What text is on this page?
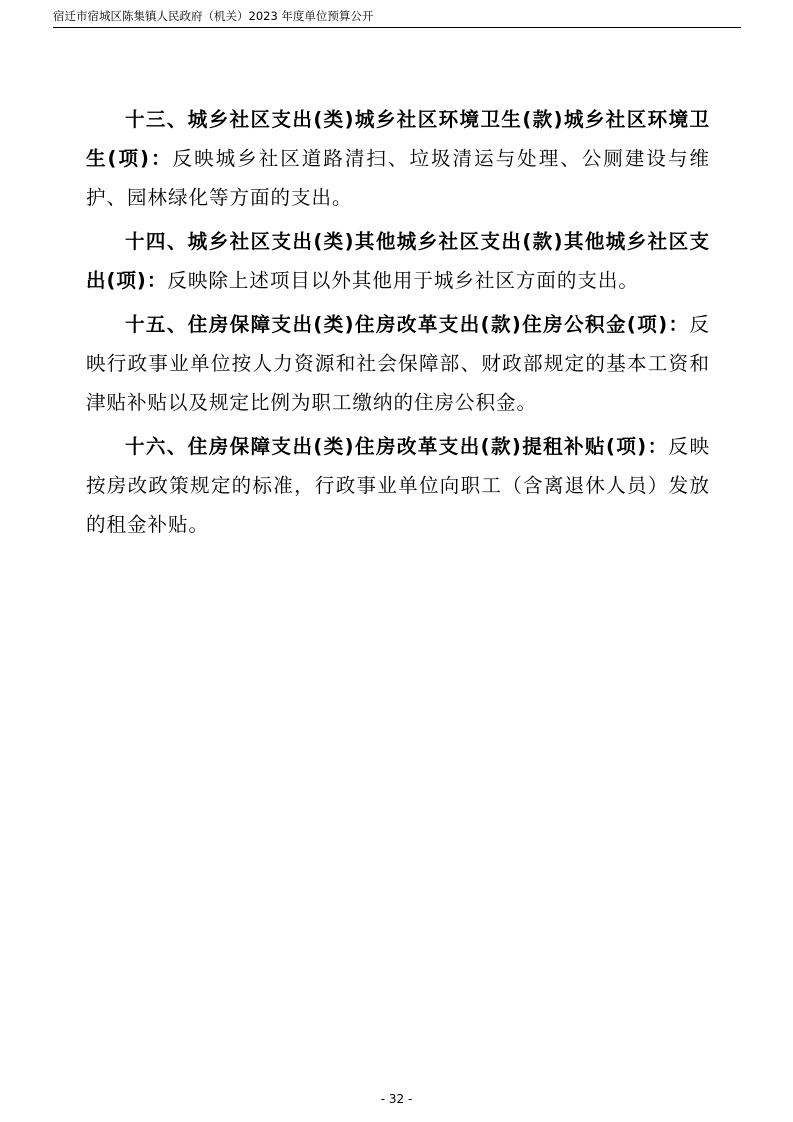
宿迁市宿城区陈集镇人民政府（机关）2023 年度单位预算公开

十三、城乡社区支出(类)城乡社区环境卫生(款)城乡社区环境卫生(项)：反映城乡社区道路清扫、垃圾清运与处理、公厕建设与维护、园林绿化等方面的支出。

十四、城乡社区支出(类)其他城乡社区支出(款)其他城乡社区支出(项)：反映除上述项目以外其他用于城乡社区方面的支出。

十五、住房保障支出(类)住房改革支出(款)住房公积金(项)：反映行政事业单位按人力资源和社会保障部、财政部规定的基本工资和津贴补贴以及规定比例为职工缴纳的住房公积金。

十六、住房保障支出(类)住房改革支出(款)提租补贴(项)：反映按房改政策规定的标准，行政事业单位向职工（含离退休人员）发放的租金补贴。

- 32 -
